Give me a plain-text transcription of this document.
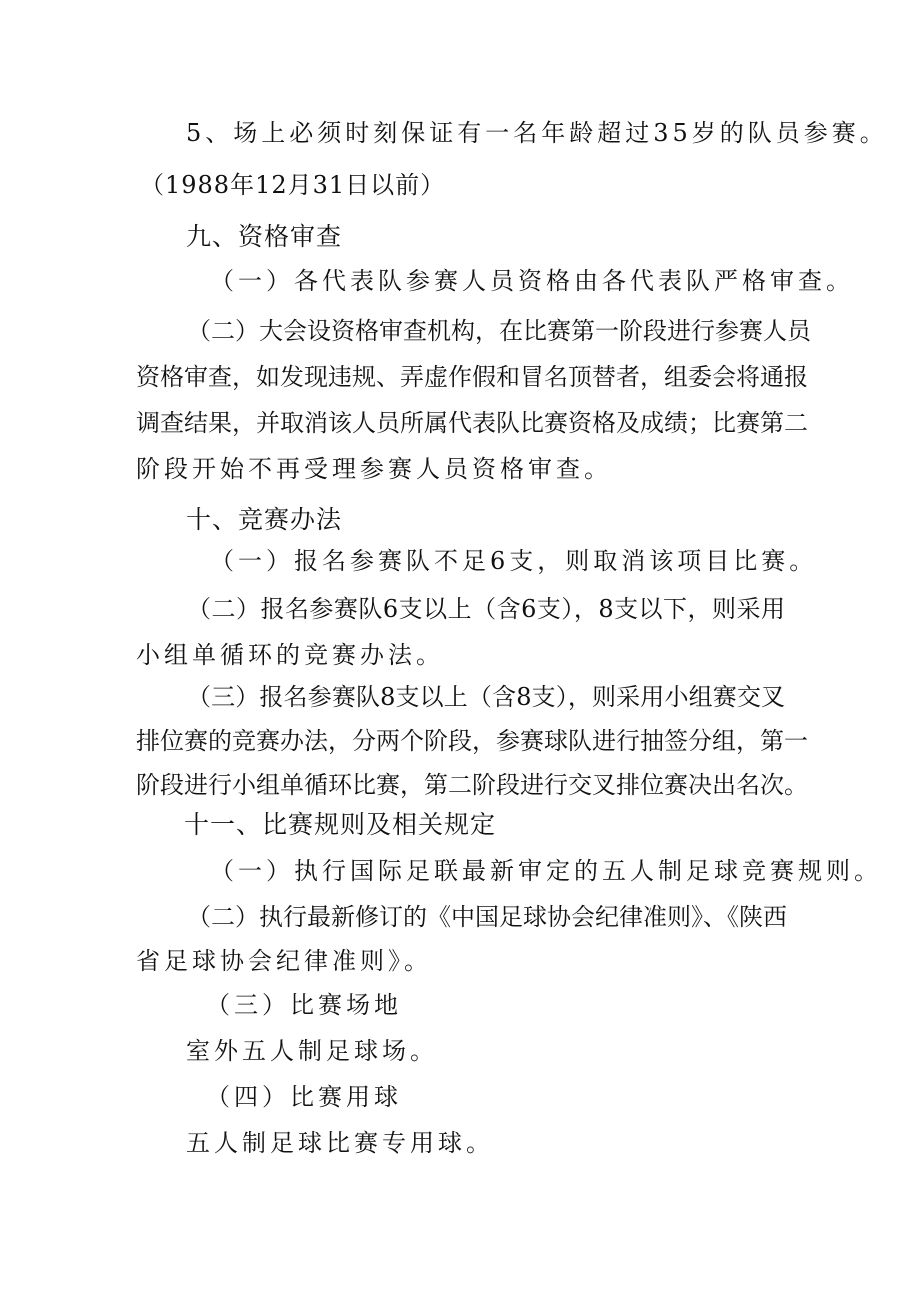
5、场上必须时刻保证有一名年龄超过35岁的队员参赛。
（1988年12月31日以前）
九、资格审查
（一）各代表队参赛人员资格由各代表队严格审查。
（二）大会设资格审查机构，在比赛第一阶段进行参赛人员
资格审查，如发现违规、弄虚作假和冒名顶替者，组委会将通报
调查结果，并取消该人员所属代表队比赛资格及成绩；比赛第二
阶段开始不再受理参赛人员资格审查。
十、竞赛办法
（一）报名参赛队不足6支，则取消该项目比赛。
（二）报名参赛队6支以上（含6支），8支以下，则采用
小组单循环的竞赛办法。
（三）报名参赛队8支以上（含8支），则采用小组赛交叉
排位赛的竞赛办法，分两个阶段，参赛球队进行抽签分组，第一
阶段进行小组单循环比赛，第二阶段进行交叉排位赛决出名次。
十一、比赛规则及相关规定
（一）执行国际足联最新审定的五人制足球竞赛规则。
（二）执行最新修订的《中国足球协会纪律准则》、《陕西
省足球协会纪律准则》。
（三）比赛场地
室外五人制足球场。
（四）比赛用球
五人制足球比赛专用球。
